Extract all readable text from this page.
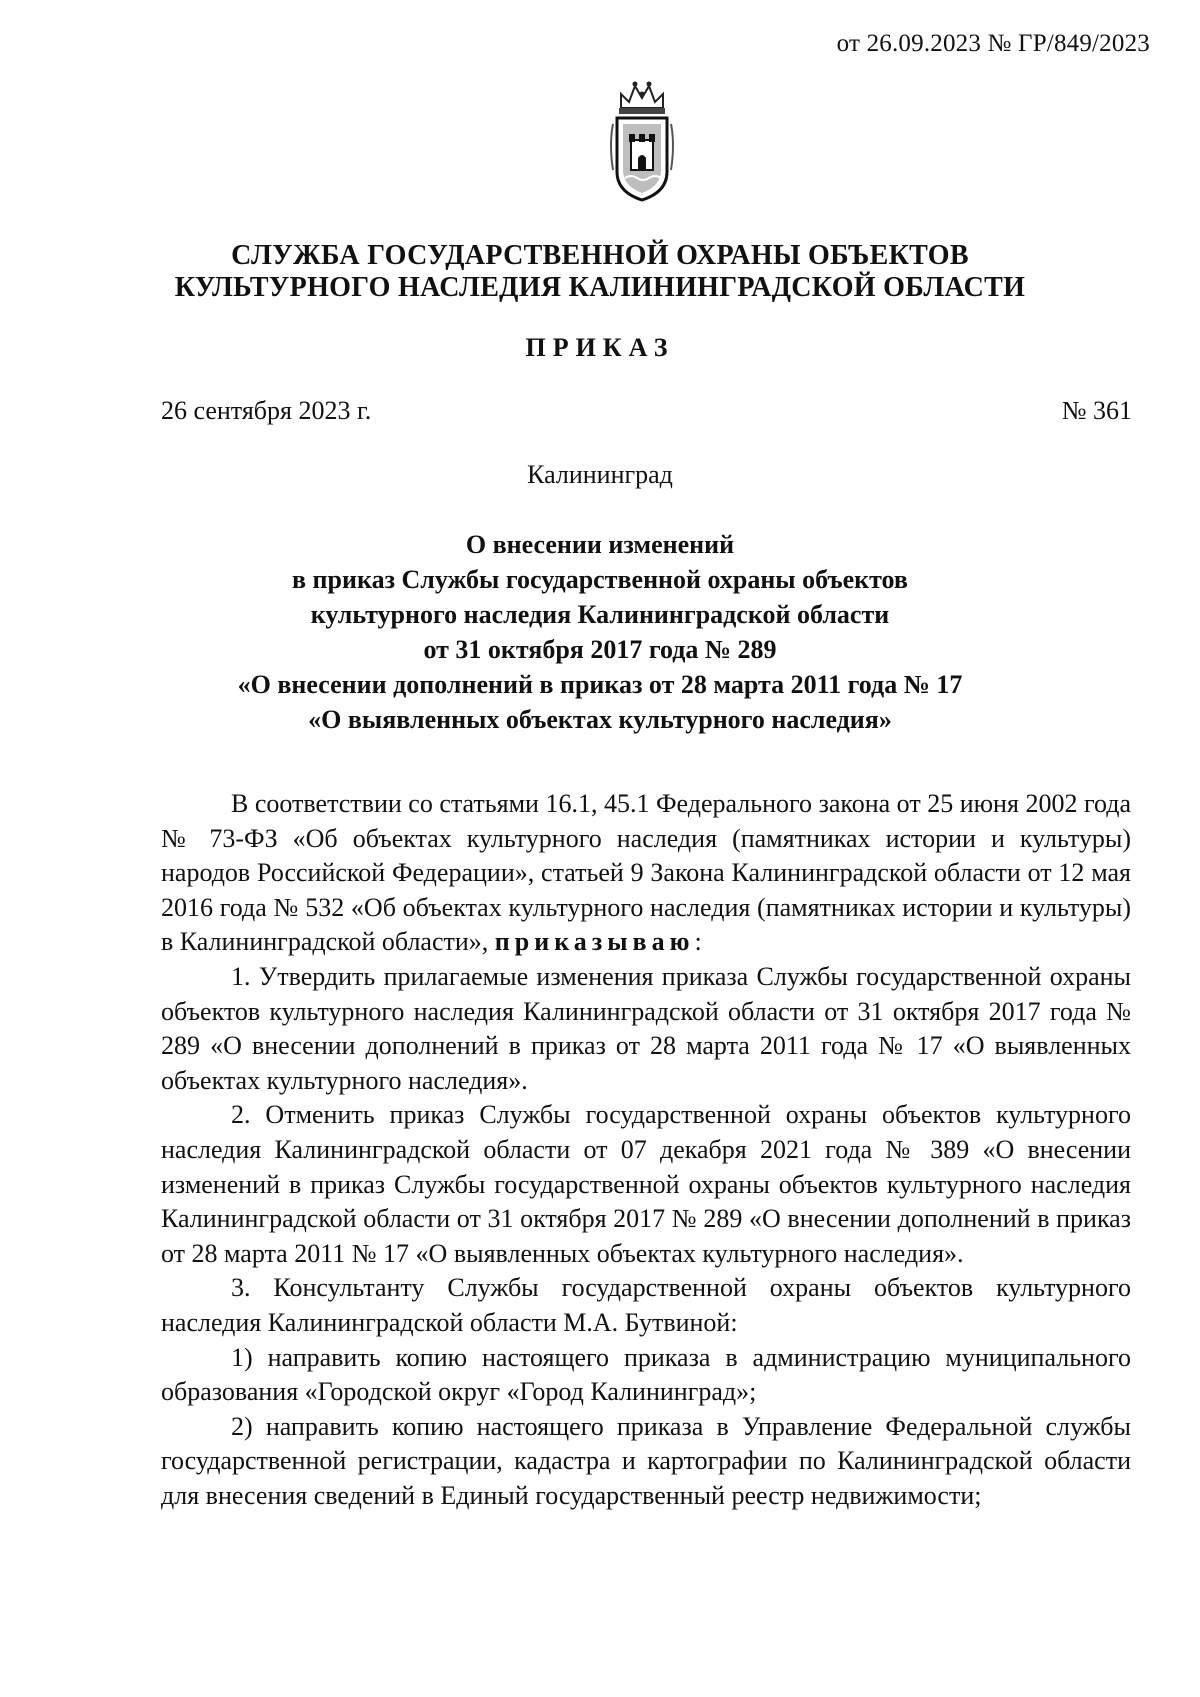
от 26.09.2023 № ГР/849/2023
СЛУЖБА ГОСУДАРСТВЕННОЙ ОХРАНЫ ОБЪЕКТОВ
КУЛЬТУРНОГО НАСЛЕДИЯ КАЛИНИНГРАДСКОЙ ОБЛАСТИ
ПРИКАЗ
26 сентября 2023 г.	№ 361
Калининград
О внесении изменений
в приказ Службы государственной охраны объектов
культурного наследия Калининградской области
от 31 октября 2017 года № 289
«О внесении дополнений в приказ от 28 марта 2011 года № 17
«О выявленных объектах культурного наследия»

В соответствии со статьями 16.1, 45.1 Федерального закона от 25 июня 2002 года № 73-ФЗ «Об объектах культурного наследия (памятниках истории и культуры) народов Российской Федерации», статьей 9 Закона Калининградской области от 12 мая 2016 года № 532 «Об объектах культурного наследия (памятниках истории и культуры) в Калининградской области», приказываю:

1. Утвердить прилагаемые изменения приказа Службы государственной охраны объектов культурного наследия Калининградской области от 31 октября 2017 года № 289 «О внесении дополнений в приказ от 28 марта 2011 года № 17 «О выявленных объектах культурного наследия».

2. Отменить приказ Службы государственной охраны объектов культурного наследия Калининградской области от 07 декабря 2021 года № 389 «О внесении изменений в приказ Службы государственной охраны объектов культурного наследия Калининградской области от 31 октября 2017 № 289 «О внесении дополнений в приказ от 28 марта 2011 № 17 «О выявленных объектах культурного наследия».

3. Консультанту Службы государственной охраны объектов культурного наследия Калининградской области М.А. Бутвиной:

1) направить копию настоящего приказа в администрацию муниципального образования «Городской округ «Город Калининград»;

2) направить копию настоящего приказа в Управление Федеральной службы государственной регистрации, кадастра и картографии по Калининградской области для внесения сведений в Единый государственный реестр недвижимости;
